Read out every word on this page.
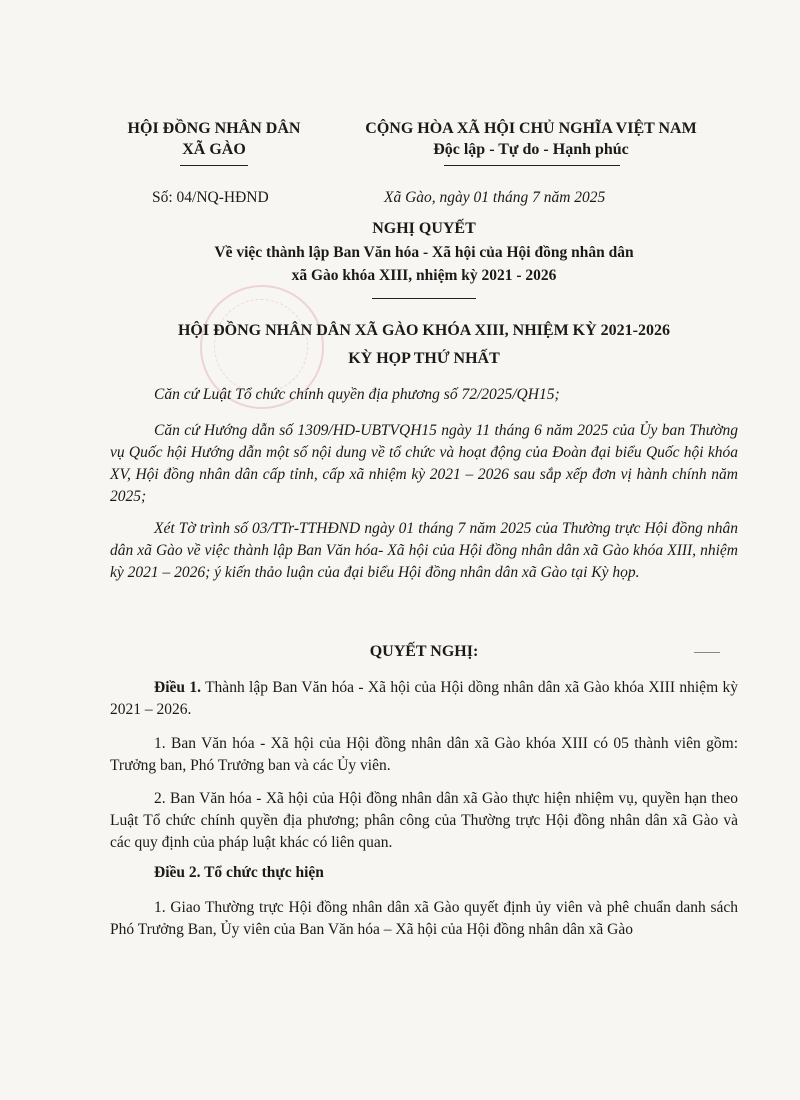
HỘI ĐỒNG NHÂN DÂN
XÃ GÀO
CỘNG HÒA XÃ HỘI CHỦ NGHĨA VIỆT NAM
Độc lập - Tự do - Hạnh phúc
Số: 04/NQ-HĐND	Xã Gào, ngày 01 tháng 7 năm 2025
NGHỊ QUYẾT
Về việc thành lập Ban Văn hóa - Xã hội của Hội đồng nhân dân
xã Gào khóa XIII, nhiệm kỳ 2021 - 2026
HỘI ĐỒNG NHÂN DÂN XÃ GÀO KHÓA XIII, NHIỆM KỲ 2021-2026
KỲ HỌP THỨ NHẤT
Căn cứ Luật Tổ chức chính quyền địa phương số 72/2025/QH15;
Căn cứ Hướng dẫn số 1309/HD-UBTVQH15 ngày 11 tháng 6 năm 2025 của Ủy ban Thường vụ Quốc hội Hướng dẫn một số nội dung về tổ chức và hoạt động của Đoàn đại biểu Quốc hội khóa XV, Hội đồng nhân dân cấp tỉnh, cấp xã nhiệm kỳ 2021 – 2026 sau sắp xếp đơn vị hành chính năm 2025;
Xét Tờ trình số 03/TTr-TTHĐND ngày 01 tháng 7 năm 2025 của Thường trực Hội đồng nhân dân xã Gào về việc thành lập Ban Văn hóa- Xã hội của Hội đồng nhân dân xã Gào khóa XIII, nhiệm kỳ 2021 – 2026; ý kiến thảo luận của đại biểu Hội đồng nhân dân xã Gào tại Kỳ họp.
QUYẾT NGHỊ:
Điều 1. Thành lập Ban Văn hóa - Xã hội của Hội dồng nhân dân xã Gào khóa XIII nhiệm kỳ 2021 – 2026.
1. Ban Văn hóa - Xã hội của Hội đồng nhân dân xã Gào khóa XIII có 05 thành viên gồm: Trưởng ban, Phó Trưởng ban và các Ủy viên.
2. Ban Văn hóa - Xã hội của Hội đồng nhân dân xã Gào thực hiện nhiệm vụ, quyền hạn theo Luật Tổ chức chính quyền địa phương; phân công của Thường trực Hội đồng nhân dân xã Gào và các quy định của pháp luật khác có liên quan.
Điều 2. Tổ chức thực hiện
1. Giao Thường trực Hội đồng nhân dân xã Gào quyết định ủy viên và phê chuẩn danh sách Phó Trưởng Ban, Ủy viên của Ban Văn hóa – Xã hội của Hội đồng nhân dân xã Gào
